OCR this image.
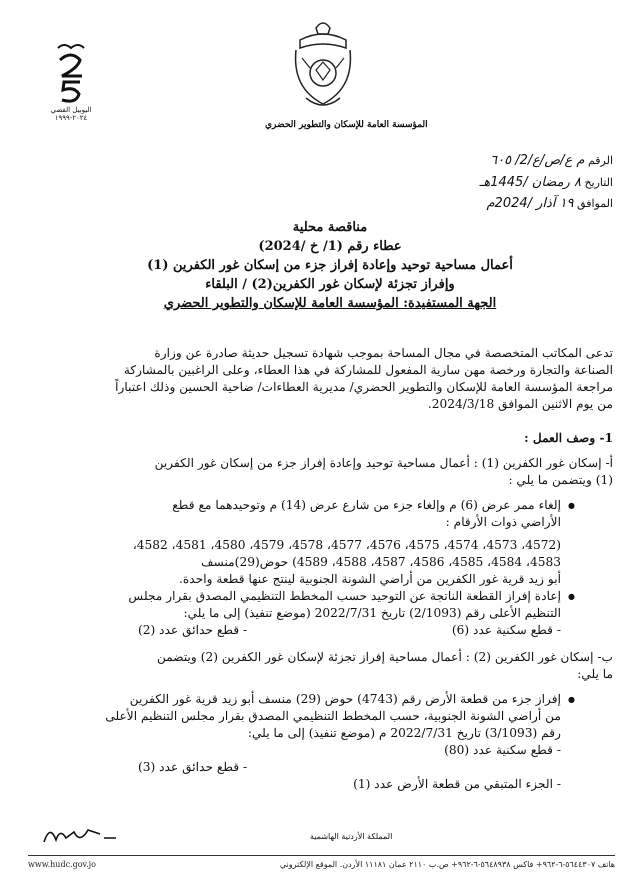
اليوبيل الفضي
٢٠٢٤-١٩٩٩
المؤسسة العامة للإسكان والتطوير الحضري
الرقم م ع/ص/ع/2/ ٦٠٥
التاريخ ٨ رمضان /1445هـ
الموافق ١٩ آذار /2024م
مناقصة محلية
عطاء رقم (1/ خ /2024)
أعمال مساحية توحيد وإعادة إفراز جزء من إسكان غور الكفرين (1)
وإفراز تجزئة لإسكان غور الكفرين(2) / البلقاء
الجهة المستفيدة: المؤسسة العامة للإسكان والتطوير الحضري

تدعى المكاتب المتخصصة في مجال المساحة بموجب شهادة تسجيل حديثة صادرة عن وزارة

الصناعة والتجارة ورخصة مهن سارية المفعول للمشاركة في هذا العطاء، وعلى الراغبين بالمشاركة

مراجعة المؤسسة العامة للإسكان والتطوير الحضري/ مديرية العطاءات/ ضاحية الحسين وذلك اعتباراً

من يوم الاثنين الموافق 2024/3/18.

1- وصف العمل :

أ- إسكان غور الكفرين (1) : أعمال مساحية توحيد وإعادة إفراز جزء من إسكان غور الكفرين

(1) ويتضمن ما يلي :

● إلغاء ممر عرض (6) م وإلغاء جزء من شارع عرض (14) م وتوحيدهما مع قطع

الأراضي ذوات الأرقام :

(4572، 4573، 4574، 4575، 4576، 4577، 4578، 4579، 4580، 4581، 4582،

4583، 4584، 4585، 4586، 4587، 4588، 4589) حوض(29)منسف

أبو زيد قرية غور الكفرين من أراضي الشونة الجنوبية لينتج عنها قطعة واحدة.

● إعادة إفراز القطعة الناتجة عن التوحيد حسب المخطط التنظيمي المصدق بقرار مجلس

التنظيم الأعلى رقم (2/1093) تاريخ 2022/7/31 (موضع تنفيذ) إلى ما يلي:

- قطع سكنية عدد (6)
- قطع حدائق عدد (2)

ب- إسكان غور الكفرين (2) : أعمال مساحية إفراز تجزئة لإسكان غور الكفرين (2) ويتضمن

ما يلي:

● إفراز جزء من قطعة الأرض رقم (4743) حوض (29) منسف أبو زيد قرية غور الكفرين

من أراضي الشونة الجنوبية، حسب المخطط التنظيمي المصدق بقرار مجلس التنظيم الأعلى

رقم (3/1093) تاريخ 2022/7/31 م (موضع تنفيذ) إلى ما يلي:

- قطع سكنية عدد (80)
- قطع حدائق عدد (3)

- الجزء المتبقي من قطعة الأرض عدد (1)

المملكة الأردنية الهاشمية
www.hudc.gov.jo	هاتف ٥٦٤٤٣٠٧-٦-٩٦٢+ فاكس ٥٦٤٨٩٣٨-٦-٩٦٢+ ص.ب ٢١١٠ عمان ١١١٨١ الأردن. الموقع الإلكتروني
